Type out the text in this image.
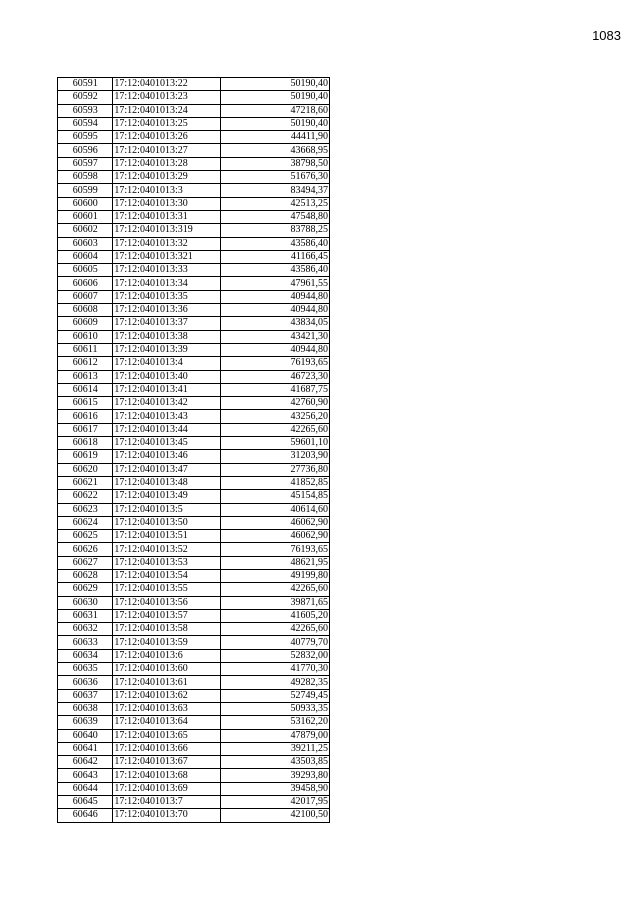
1083
60591	17:12:0401013:22	50190,40
60592	17:12:0401013:23	50190,40
60593	17:12:0401013:24	47218,60
60594	17:12:0401013:25	50190,40
60595	17:12:0401013:26	44411,90
60596	17:12:0401013:27	43668,95
60597	17:12:0401013:28	38798,50
60598	17:12:0401013:29	51676,30
60599	17:12:0401013:3	83494,37
60600	17:12:0401013:30	42513,25
60601	17:12:0401013:31	47548,80
60602	17:12:0401013:319	83788,25
60603	17:12:0401013:32	43586,40
60604	17:12:0401013:321	41166,45
60605	17:12:0401013:33	43586,40
60606	17:12:0401013:34	47961,55
60607	17:12:0401013:35	40944,80
60608	17:12:0401013:36	40944,80
60609	17:12:0401013:37	43834,05
60610	17:12:0401013:38	43421,30
60611	17:12:0401013:39	40944,80
60612	17:12:0401013:4	76193,65
60613	17:12:0401013:40	46723,30
60614	17:12:0401013:41	41687,75
60615	17:12:0401013:42	42760,90
60616	17:12:0401013:43	43256,20
60617	17:12:0401013:44	42265,60
60618	17:12:0401013:45	59601,10
60619	17:12:0401013:46	31203,90
60620	17:12:0401013:47	27736,80
60621	17:12:0401013:48	41852,85
60622	17:12:0401013:49	45154,85
60623	17:12:0401013:5	40614,60
60624	17:12:0401013:50	46062,90
60625	17:12:0401013:51	46062,90
60626	17:12:0401013:52	76193,65
60627	17:12:0401013:53	48621,95
60628	17:12:0401013:54	49199,80
60629	17:12:0401013:55	42265,60
60630	17:12:0401013:56	39871,65
60631	17:12:0401013:57	41605,20
60632	17:12:0401013:58	42265,60
60633	17:12:0401013:59	40779,70
60634	17:12:0401013:6	52832,00
60635	17:12:0401013:60	41770,30
60636	17:12:0401013:61	49282,35
60637	17:12:0401013:62	52749,45
60638	17:12:0401013:63	50933,35
60639	17:12:0401013:64	53162,20
60640	17:12:0401013:65	47879,00
60641	17:12:0401013:66	39211,25
60642	17:12:0401013:67	43503,85
60643	17:12:0401013:68	39293,80
60644	17:12:0401013:69	39458,90
60645	17:12:0401013:7	42017,95
60646	17:12:0401013:70	42100,50
